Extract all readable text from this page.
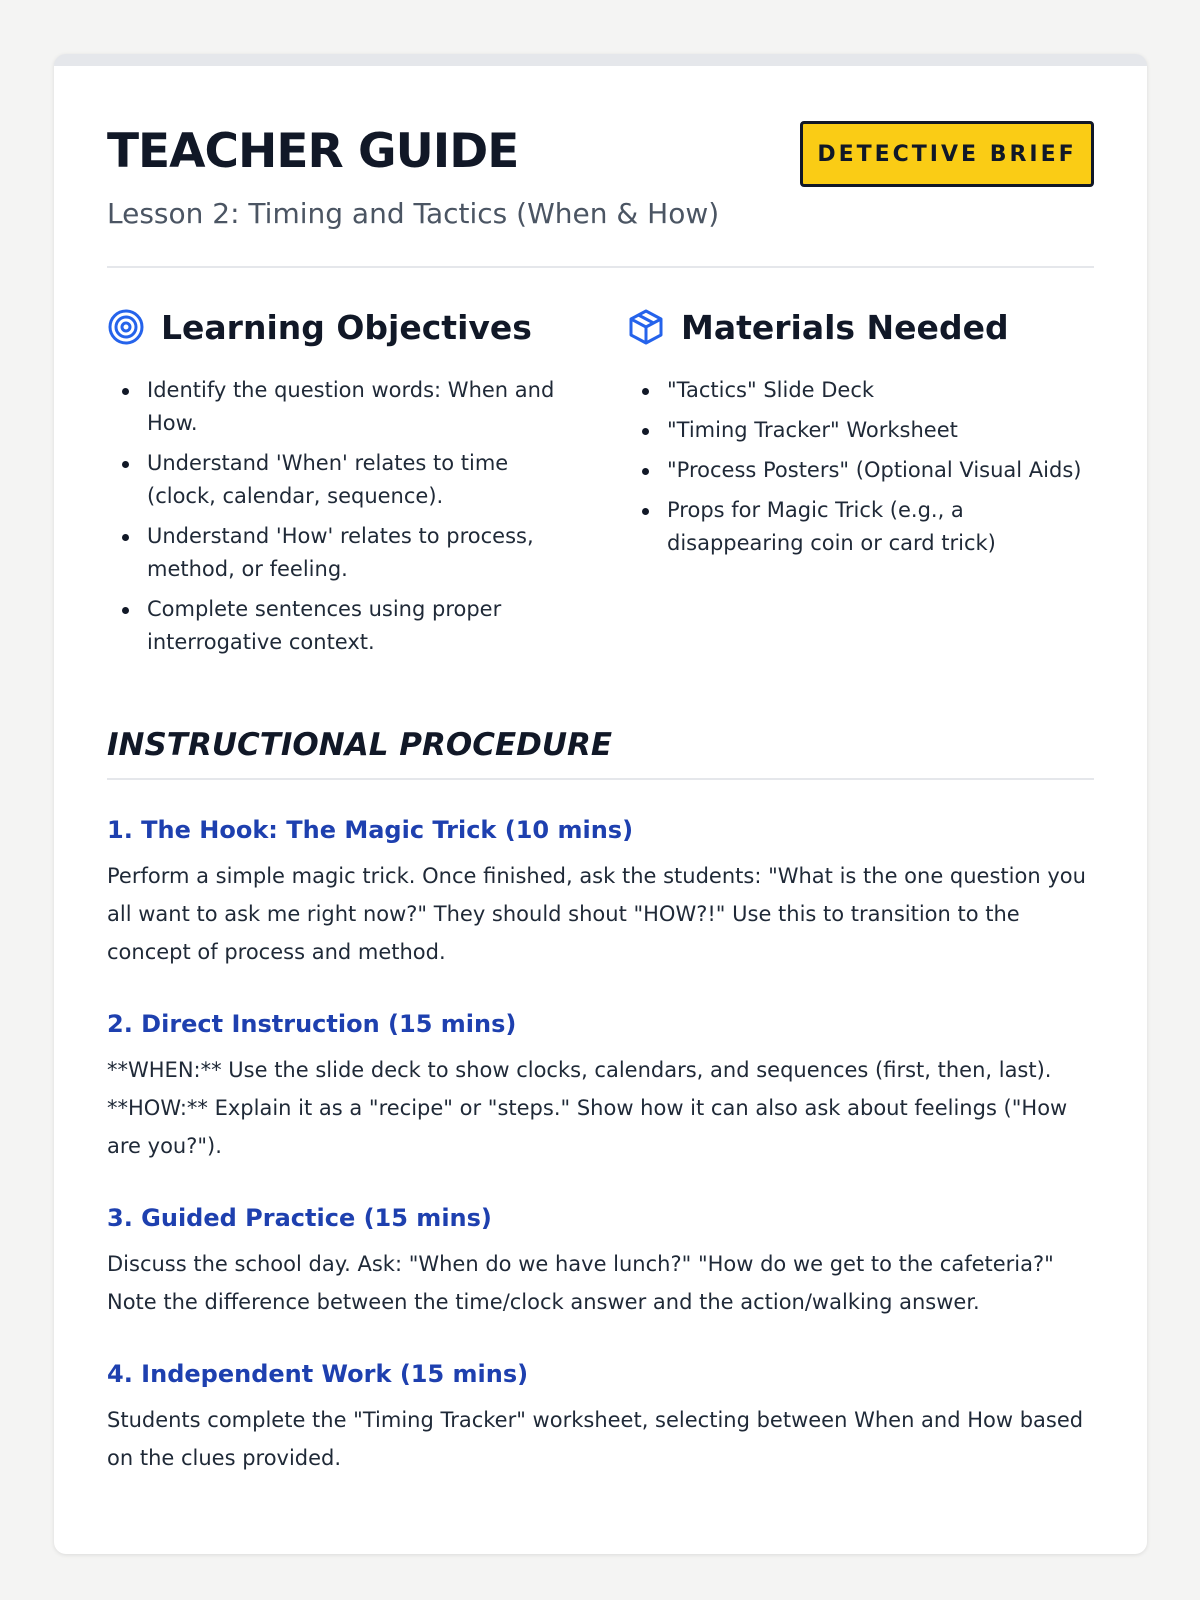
TEACHER GUIDE
Lesson 2: Timing and Tactics (When & How)
DETECTIVE BRIEF
Learning Objectives
Identify the question words: When and How.
Understand 'When' relates to time (clock, calendar, sequence).
Understand 'How' relates to process, method, or feeling.
Complete sentences using proper interrogative context.
Materials Needed
"Tactics" Slide Deck
"Timing Tracker" Worksheet
"Process Posters" (Optional Visual Aids)
Props for Magic Trick (e.g., a disappearing coin or card trick)
INSTRUCTIONAL PROCEDURE
1. The Hook: The Magic Trick (10 mins)

Perform a simple magic trick. Once finished, ask the students: "What is the one question you all want to ask me right now?" They should shout "HOW?!" Use this to transition to the concept of process and method.

2. Direct Instruction (15 mins)

**WHEN:** Use the slide deck to show clocks, calendars, and sequences (first, then, last). **HOW:** Explain it as a "recipe" or "steps." Show how it can also ask about feelings ("How are you?").

3. Guided Practice (15 mins)

Discuss the school day. Ask: "When do we have lunch?" "How do we get to the cafeteria?" Note the difference between the time/clock answer and the action/walking answer.

4. Independent Work (15 mins)

Students complete the "Timing Tracker" worksheet, selecting between When and How based on the clues provided.
